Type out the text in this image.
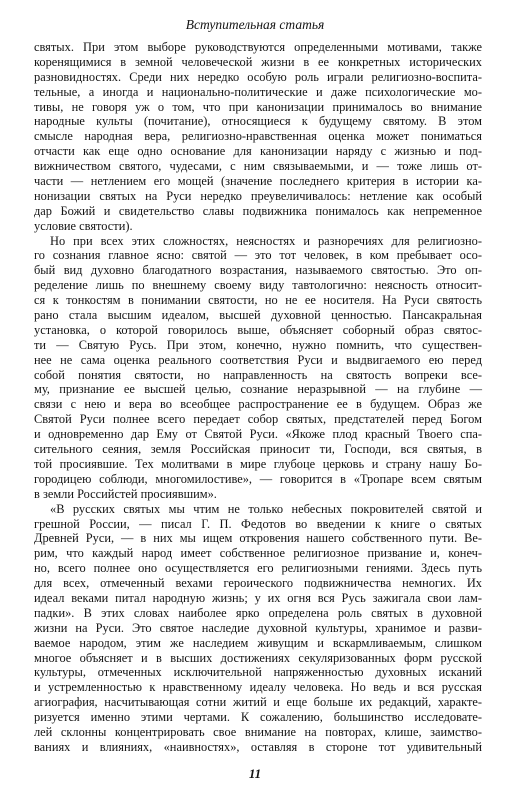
Вступительная статья
святых. При этом выборе руководствуются определенными мотивами, также
коренящимися в земной человеческой жизни в ее конкретных исторических
разновидностях. Среди них нередко особую роль играли религиозно-воспита-
тельные, а иногда и национально-политические и даже психологические мо-
тивы, не говоря уж о том, что при канонизации принималось во внимание
народные культы (почитание), относящиеся к будущему святому. В этом
смысле народная вера, религиозно-нравственная оценка может пониматься
отчасти как еще одно основание для канонизации наряду с жизнью и под-
вижничеством святого, чудесами, с ним связываемыми, и — тоже лишь от-
части — нетлением его мощей (значение последнего критерия в истории ка-
нонизации святых на Руси нередко преувеличивалось: нетление как особый
дар Божий и свидетельство славы подвижника понималось как непременное
условие святости).
Но при всех этих сложностях, неясностях и разноречиях для религиозно-
го сознания главное ясно: святой — это тот человек, в ком пребывает осо-
бый вид духовно благодатного возрастания, называемого святостью. Это оп-
ределение лишь по внешнему своему виду тавтологично: неясность относит-
ся к тонкостям в понимании святости, но не ее носителя. На Руси святость
рано стала высшим идеалом, высшей духовной ценностью. Пансакральная
установка, о которой говорилось выше, объясняет соборный образ святос-
ти — Святую Русь. При этом, конечно, нужно помнить, что существен-
нее не сама оценка реального соответствия Руси и выдвигаемого ею перед
собой понятия святости, но направленность на святость вопреки все-
му, признание ее высшей целью, сознание неразрывной — на глубине —
связи с нею и вера во всеобщее распространение ее в будущем. Образ же
Святой Руси полнее всего передает собор святых, предстателей перед Богом
и одновременно дар Ему от Святой Руси. «Якоже плод красный Твоего спа-
сительного сеяния, земля Российская приносит ти, Господи, вся святыя, в
той просиявшие. Тех молитвами в мире глубоце церковь и страну нашу Бо-
городицею соблюди, многомилостиве», — говорится в «Тропаре всем святым
в земли Российстей просиявшим».
«В русских святых мы чтим не только небесных покровителей святой и
грешной России, — писал Г. П. Федотов во введении к книге о святых
Древней Руси, — в них мы ищем откровения нашего собственного пути. Ве-
рим, что каждый народ имеет собственное религиозное призвание и, конеч-
но, всего полнее оно осуществляется его религиозными гениями. Здесь путь
для всех, отмеченный вехами героического подвижничества немногих. Их
идеал веками питал народную жизнь; у их огня вся Русь зажигала свои лам-
падки». В этих словах наиболее ярко определена роль святых в духовной
жизни на Руси. Это святое наследие духовной культуры, хранимое и разви-
ваемое народом, этим же наследием живущим и вскармливаемым, слишком
многое объясняет и в высших достижениях секуляризованных форм русской
культуры, отмеченных исключительной напряженностью духовных исканий
и устремленностью к нравственному идеалу человека. Но ведь и вся русская
агиография, насчитывающая сотни житий и еще больше их редакций, характе-
ризуется именно этими чертами. К сожалению, большинство исследовате-
лей склонны концентрировать свое внимание на повторах, клише, заимство-
ваниях и влияниях, «наивностях», оставляя в стороне тот удивительный
11
